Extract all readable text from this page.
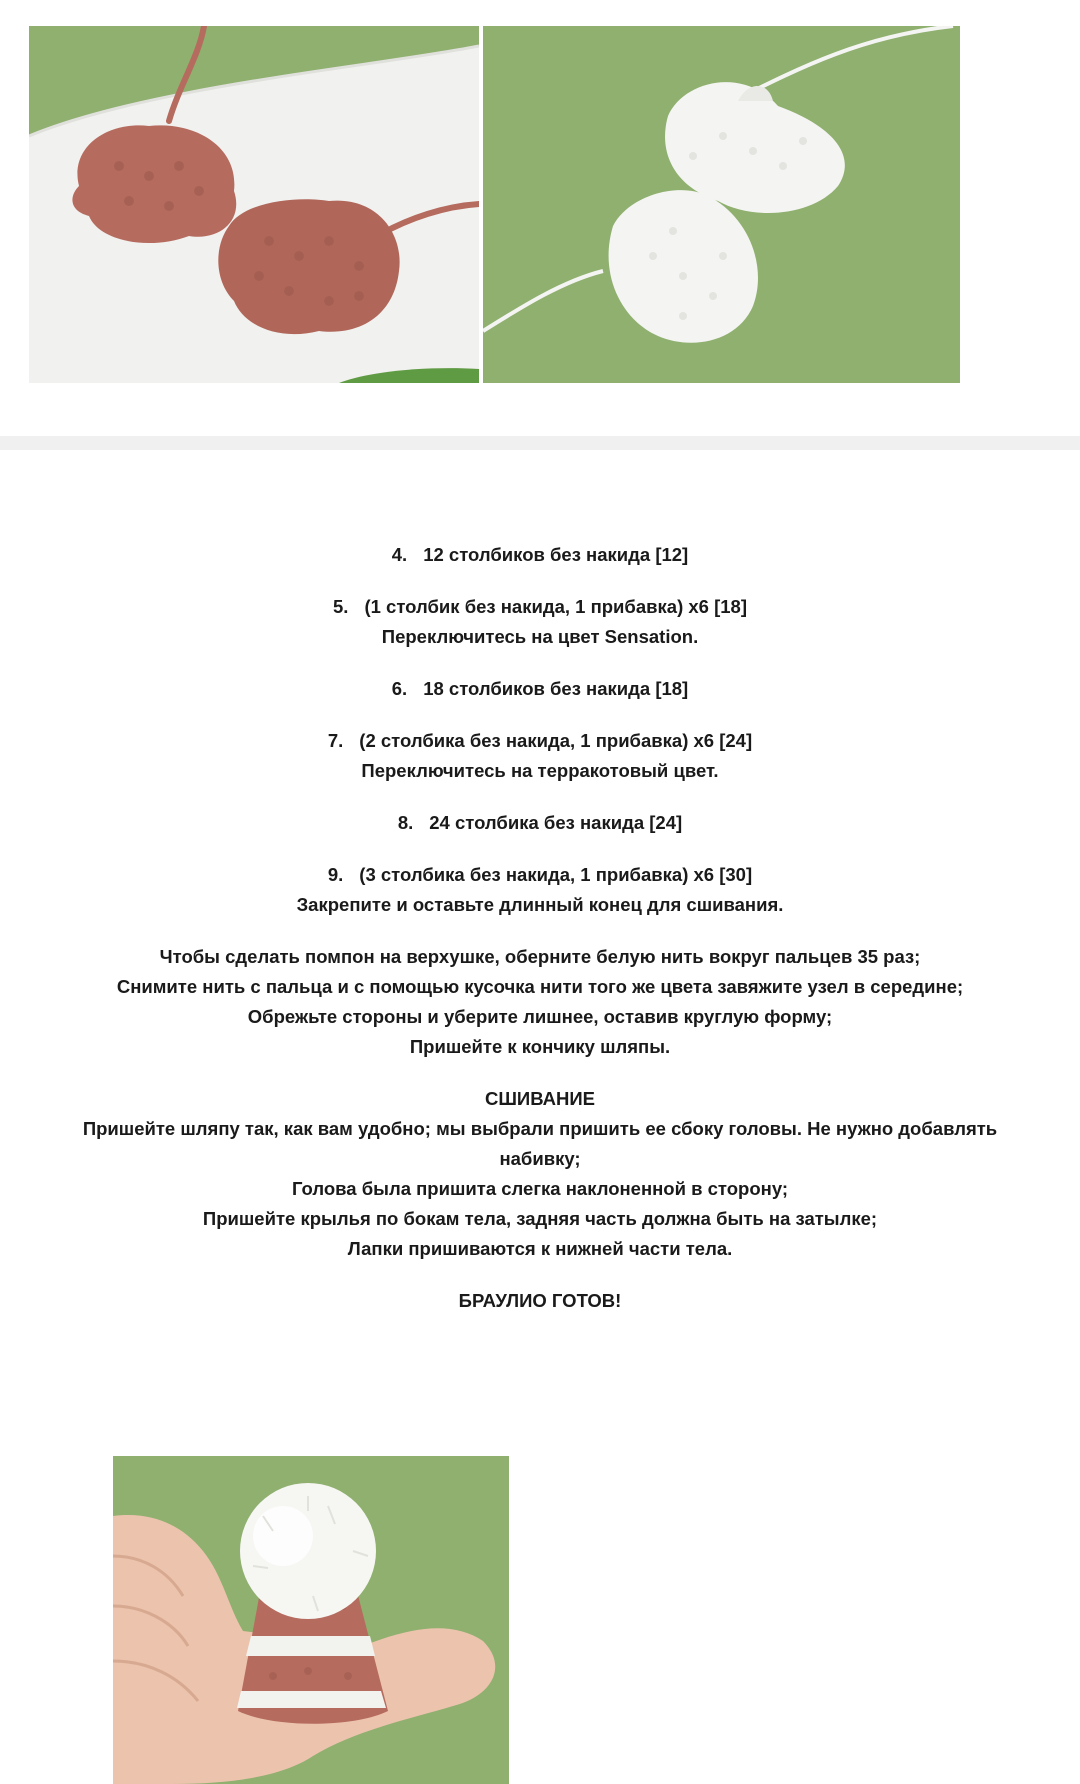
4. 12 столбиков без накида [12]
5. (1 столбик без накида, 1 прибавка) x6 [18]
Переключитесь на цвет Sensation.
6. 18 столбиков без накида [18]
7. (2 столбика без накида, 1 прибавка) x6 [24]
Переключитесь на терракотовый цвет.
8. 24 столбика без накида [24]
9. (3 столбика без накида, 1 прибавка) x6 [30]
Закрепите и оставьте длинный конец для сшивания.
Чтобы сделать помпон на верхушке, оберните белую нить вокруг пальцев 35 раз;
Снимите нить с пальца и с помощью кусочка нити того же цвета завяжите узел в середине;
Обрежьте стороны и уберите лишнее, оставив круглую форму;
Пришейте к кончику шляпы.
СШИВАНИЕ
Пришейте шляпу так, как вам удобно; мы выбрали пришить ее сбоку головы. Не нужно добавлять
набивку;
Голова была пришита слегка наклоненной в сторону;
Пришейте крылья по бокам тела, задняя часть должна быть на затылке;
Лапки пришиваются к нижней части тела.
БРАУЛИО ГОТОВ!
